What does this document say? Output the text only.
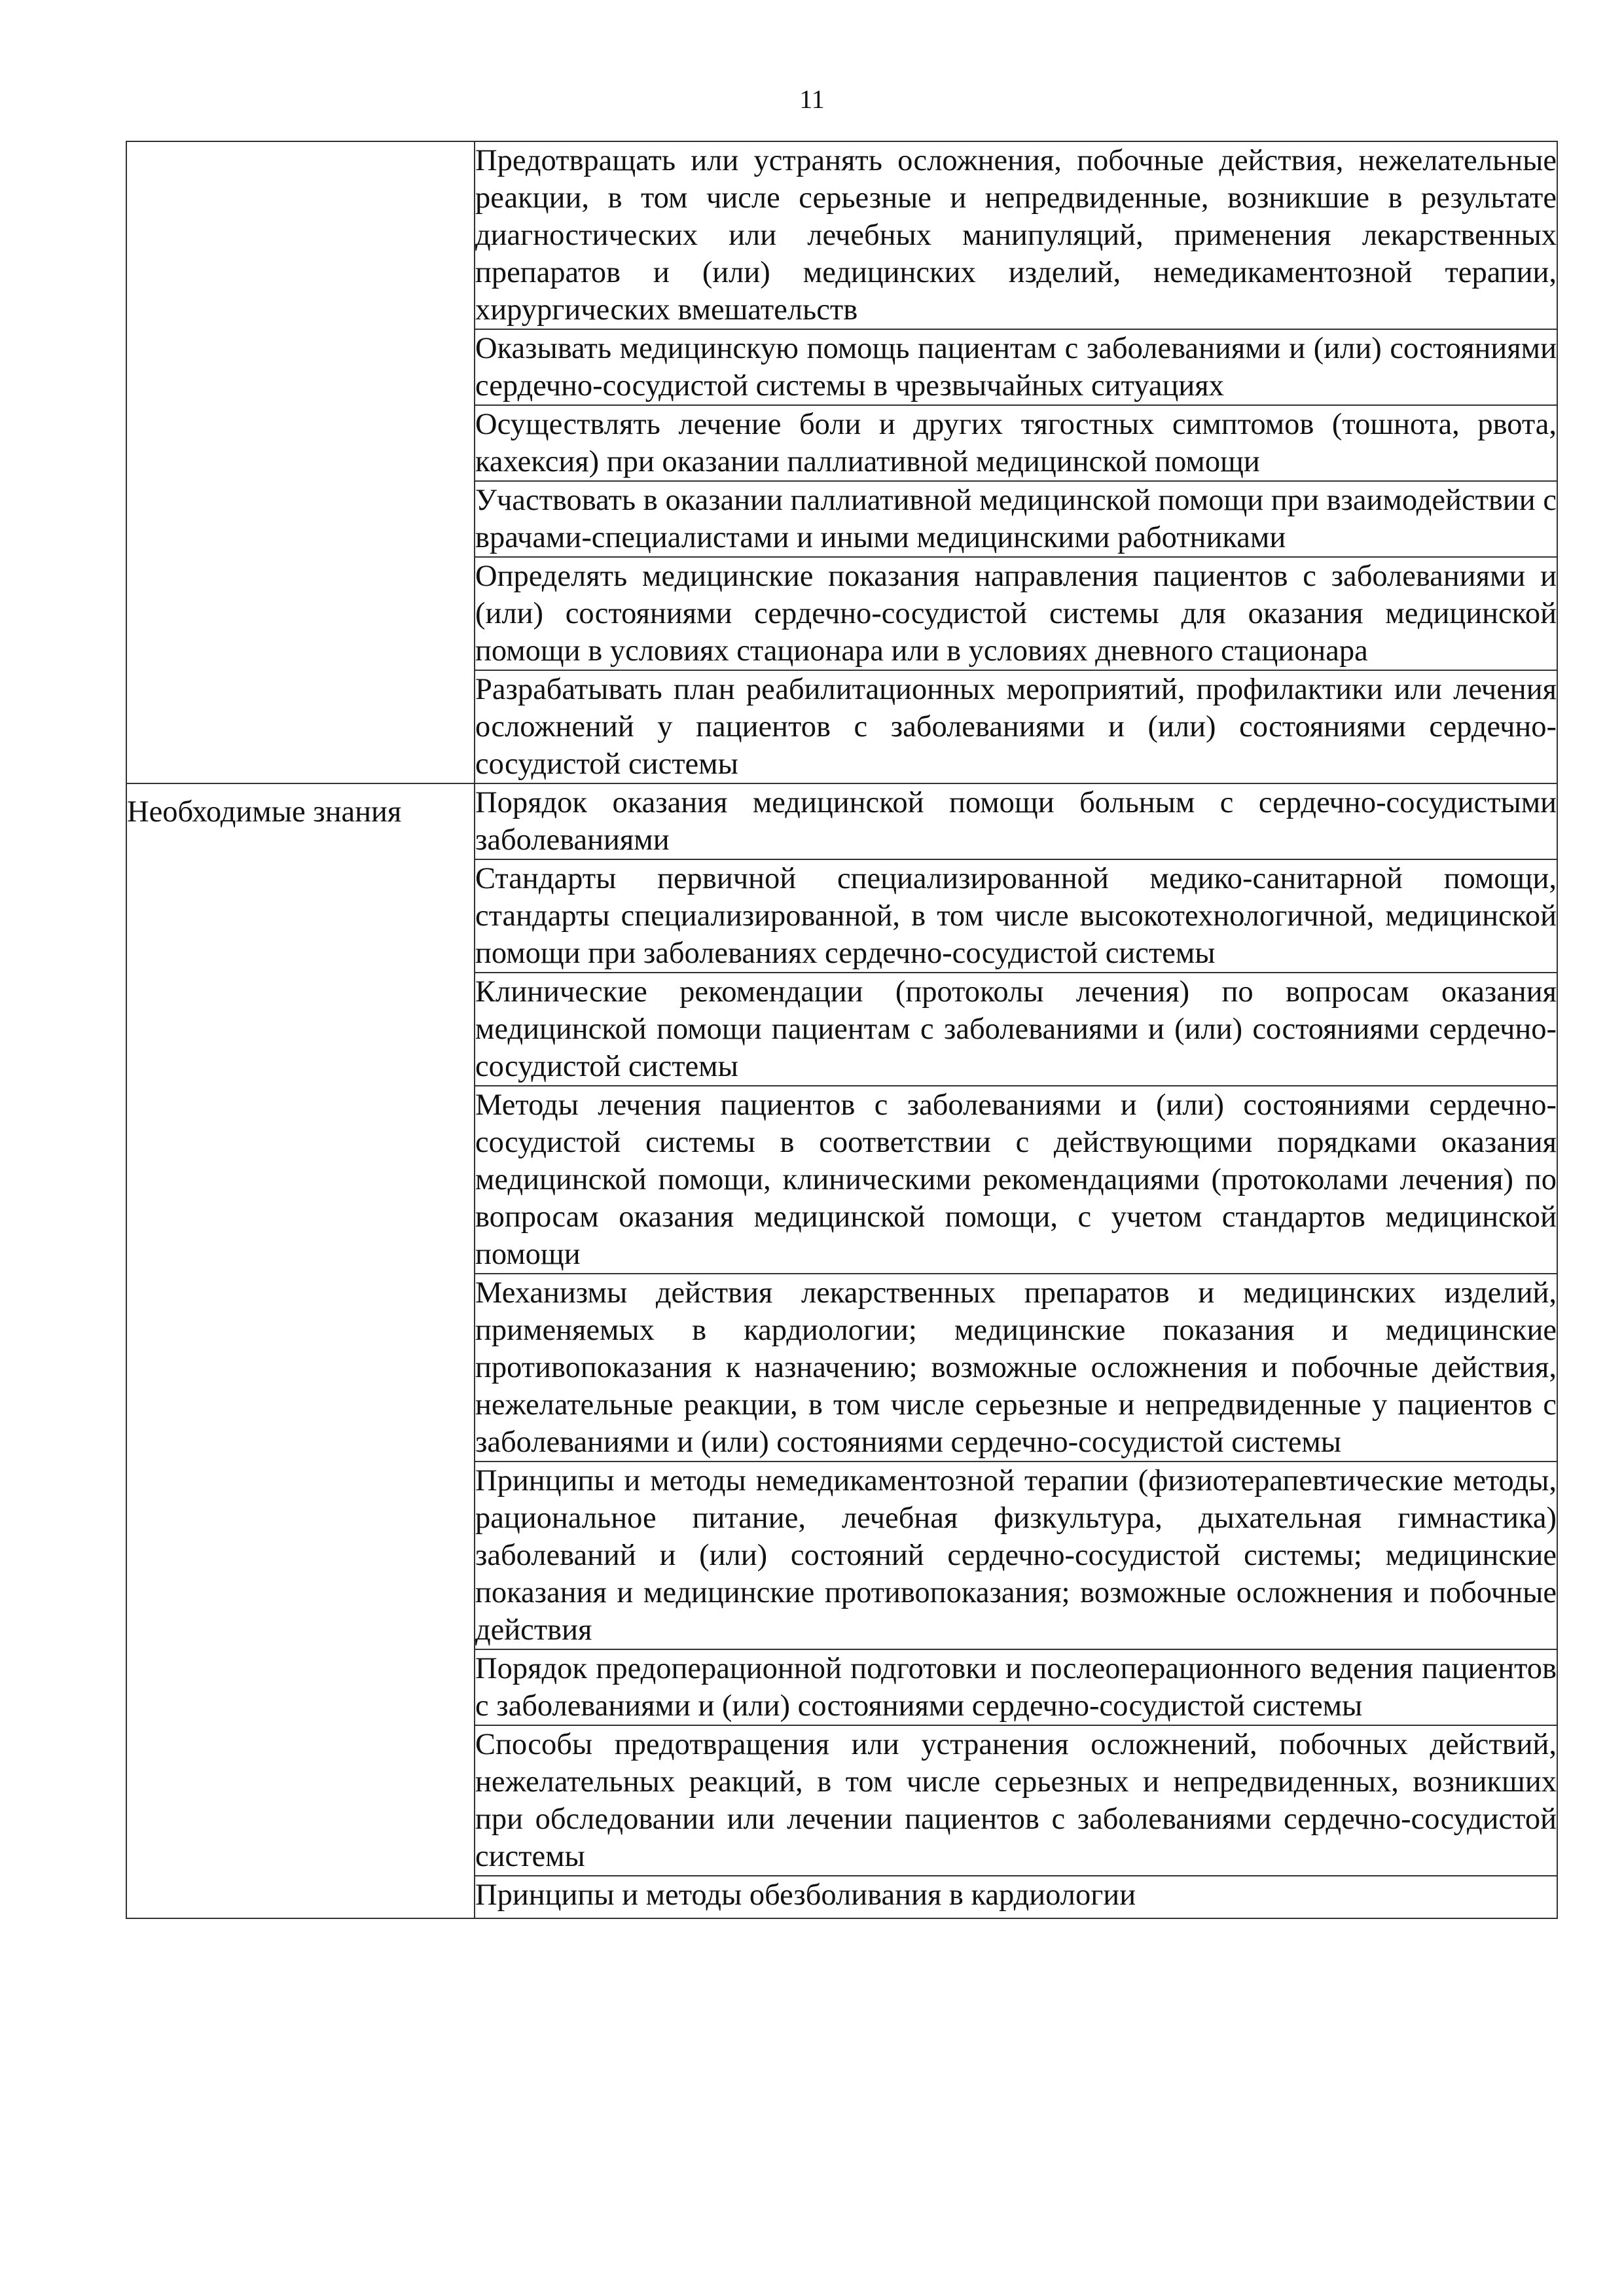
11
	Предотвращать или устранять осложнения, побочные действия, нежелательные реакции, в том числе серьезные и непредвиденные, возникшие в результате диагностических или лечебных манипуляций, применения лекарственных препаратов и (или) медицинских изделий, немедикаментозной терапии, хирургических вмешательств
	Оказывать медицинскую помощь пациентам с заболеваниями и (или) состояниями сердечно-сосудистой системы в чрезвычайных ситуациях
	Осуществлять лечение боли и других тягостных симптомов (тошнота, рвота, кахексия) при оказании паллиативной медицинской помощи
	Участвовать в оказании паллиативной медицинской помощи при взаимодействии с врачами-специалистами и иными медицинскими работниками
	Определять медицинские показания направления пациентов с заболеваниями и (или) состояниями сердечно-сосудистой системы для оказания медицинской помощи в условиях стационара или в условиях дневного стационара
	Разрабатывать план реабилитационных мероприятий, профилактики или лечения осложнений у пациентов с заболеваниями и (или) состояниями сердечно-сосудистой системы

Необходимые знания	Порядок оказания медицинской помощи больным с сердечно-сосудистыми заболеваниями
	Стандарты первичной специализированной медико-санитарной помощи, стандарты специализированной, в том числе высокотехнологичной, медицинской помощи при заболеваниях сердечно-сосудистой системы
	Клинические рекомендации (протоколы лечения) по вопросам оказания медицинской помощи пациентам с заболеваниями и (или) состояниями сердечно-сосудистой системы
	Методы лечения пациентов с заболеваниями и (или) состояниями сердечно-сосудистой системы в соответствии с действующими порядками оказания медицинской помощи, клиническими рекомендациями (протоколами лечения) по вопросам оказания медицинской помощи, с учетом стандартов медицинской помощи
	Механизмы действия лекарственных препаратов и медицинских изделий, применяемых в кардиологии; медицинские показания и медицинские противопоказания к назначению; возможные осложнения и побочные действия, нежелательные реакции, в том числе серьезные и непредвиденные у пациентов с заболеваниями и (или) состояниями сердечно-сосудистой системы
	Принципы и методы немедикаментозной терапии (физиотерапевтические методы, рациональное питание, лечебная физкультура, дыхательная гимнастика) заболеваний и (или) состояний сердечно-сосудистой системы; медицинские показания и медицинские противопоказания; возможные осложнения и побочные действия
	Порядок предоперационной подготовки и послеоперационного ведения пациентов с заболеваниями и (или) состояниями сердечно-сосудистой системы
	Способы предотвращения или устранения осложнений, побочных действий, нежелательных реакций, в том числе серьезных и непредвиденных, возникших при обследовании или лечении пациентов с заболеваниями сердечно-сосудистой системы
	Принципы и методы обезболивания в кардиологии
